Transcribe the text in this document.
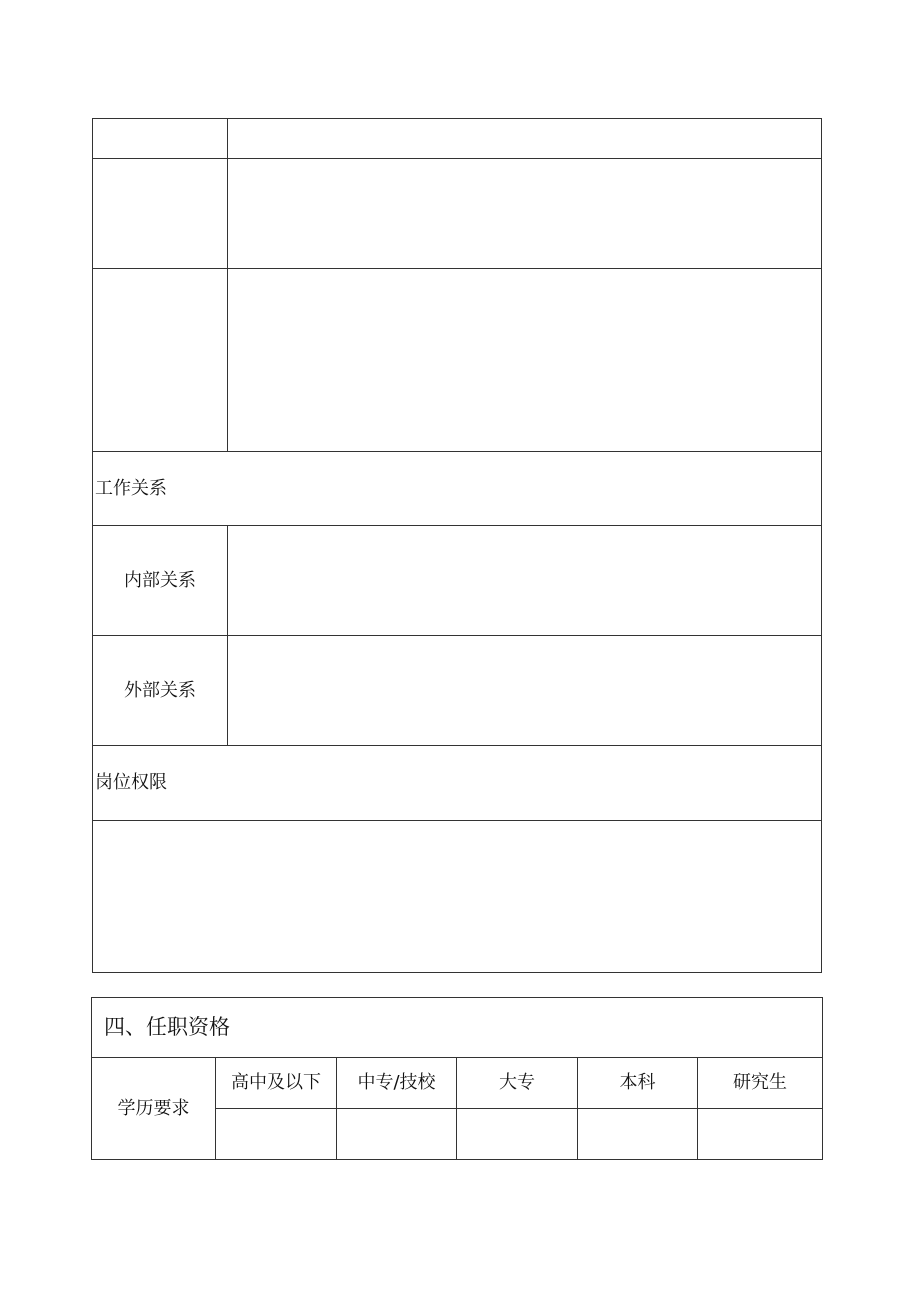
工作关系	
内部关系	
外部关系	
岗位权限	

四、任职资格					
学历要求	高中及以下	中专/技校	大专	本科	研究生
